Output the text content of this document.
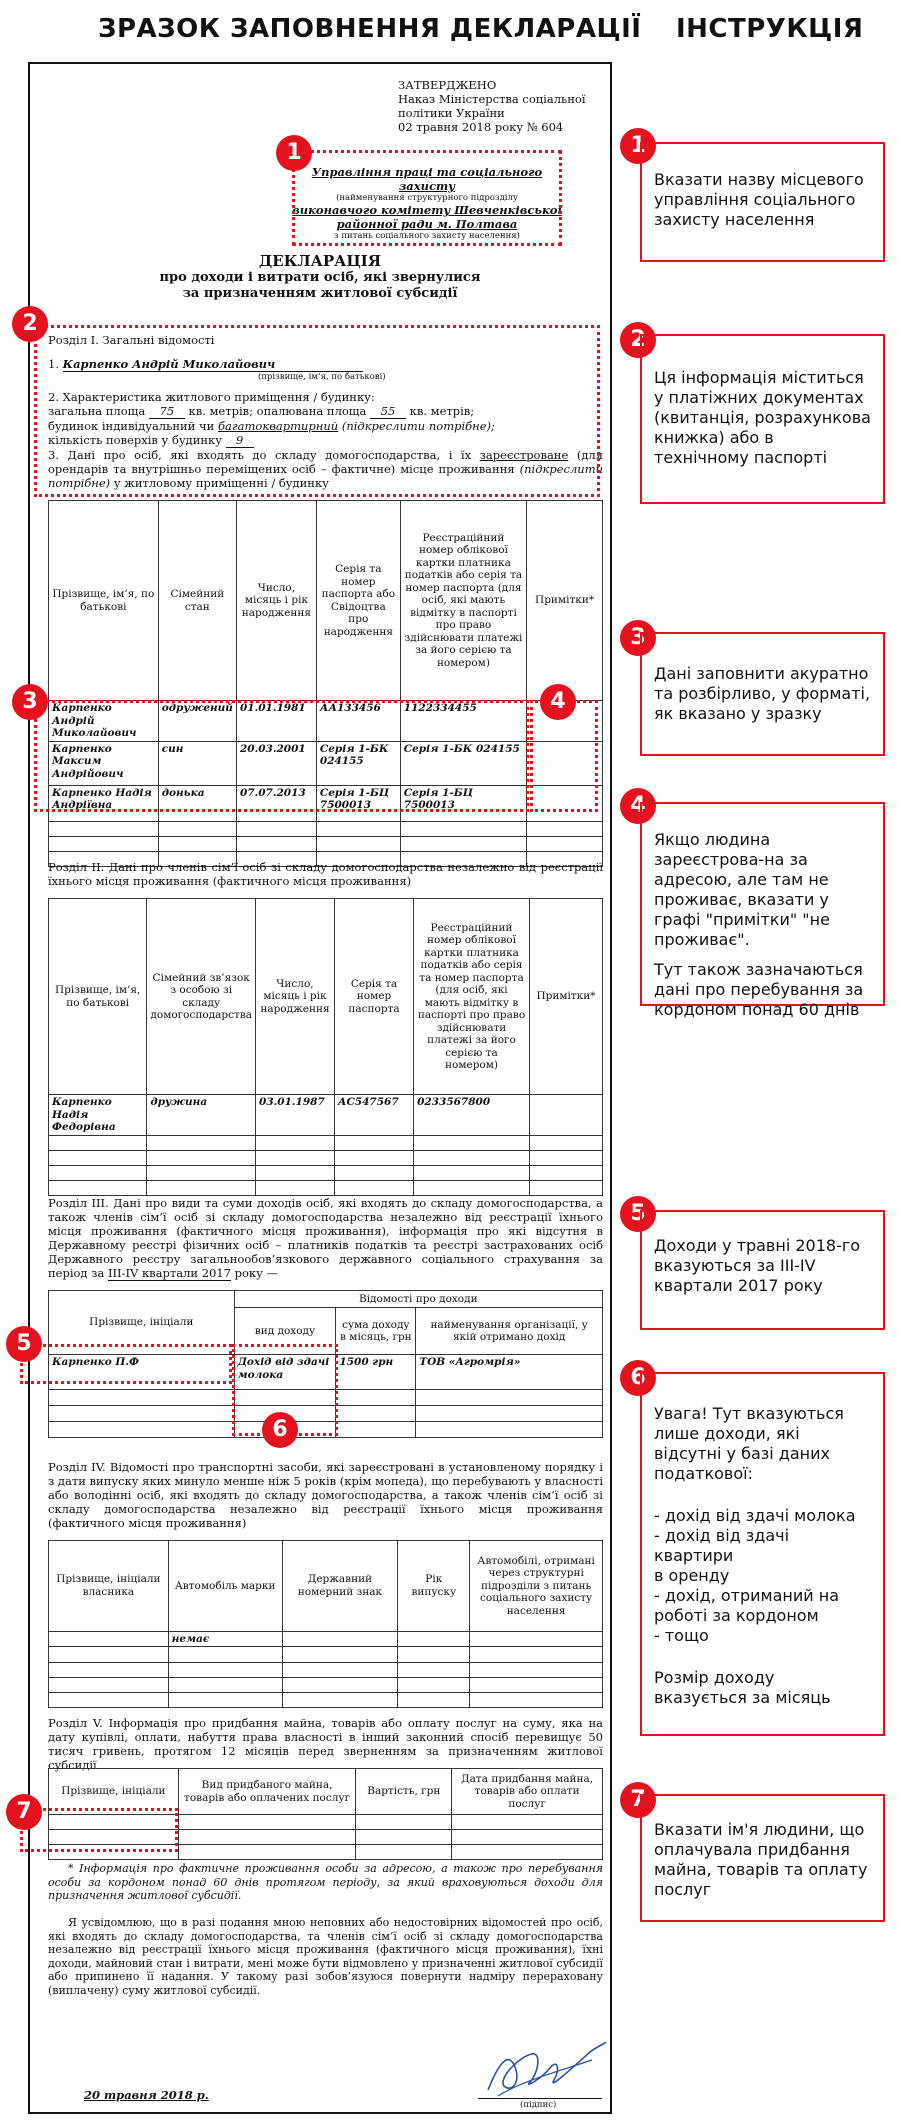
ЗРАЗОК ЗАПОВНЕННЯ ДЕКЛАРАЦІЇ ІНСТРУКЦІЯ
ЗАТВЕРДЖЕНО
Наказ Міністерства соціальної
політики України
02 травня 2018 року № 604
Управління праці та соціального захисту
(найменування структурного підрозділу
виконавчого комітету Шевченківської
районної ради м. Полтава
з питань соціального захисту населення)
ДЕКЛАРАЦІЯ
про доходи і витрати осіб, які звернулися
за призначенням житлової субсидії
Розділ І. Загальні відомості
1. Карпенко Андрій Миколайович
(прізвище, ім’я, по батькові)
2. Характеристика житлового приміщення / будинку:
загальна площа 75 кв. метрів; опалювана площа 55 кв. метрів;
будинок індивідуальний чи багатоквартирний (підкреслити потрібне);
кількість поверхів у будинку 9
3. Дані про осіб, які входять до складу домогосподарства, і їх зареєстроване (для орендарів та внутрішньо переміщених осіб – фактичне) місце проживання (підкреслити потрібне) у житловому приміщенні / будинку
Прізвище, ім’я, по батькові	Сімейний стан	Число, місяць і рік народження	Серія та номер паспорта або Свідоцтва про народження	Реєстраційний номер облікової картки платника податків або серія та номер паспорта (для осіб, які мають відмітку в паспорті про право здійснювати платежі за його серією та номером)	Примітки*
Карпенко Андрій Миколайович	одружений	01.01.1981	АА133456	1122334455	
Карпенко Максим Андрійович	син	20.03.2001	Серія 1-БК 024155	Серія 1-БК 024155	
Карпенко Надія Андріївна	донька	07.07.2013	Серія 1-БЦ 7500013	Серія 1-БЦ 7500013	

Розділ ІІ. Дані про членів сім’ї осіб зі складу домогосподарства незалежно від реєстрації їхнього місця проживання (фактичного місця проживання)
Прізвище, ім’я, по батькові	Сімейний зв’язок з особою зі складу домогосподарства	Число, місяць і рік народження	Серія та номер паспорта	Реєстраційний номер облікової картки платника податків або серія та номер паспорта (для осіб, які мають відмітку в паспорті про право здійснювати платежі за його серією та номером)	Примітки*
Карпенко Надія Федорівна	дружина	03.01.1987	АС547567	0233567800	

Розділ ІІІ. Дані про види та суми доходів осіб, які входять до складу домогосподарства, а також членів сім’ї осіб зі складу домогосподарства незалежно від реєстрації їхнього місця проживання (фактичного місця проживання), інформація про які відсутня в Державному реєстрі фізичних осіб – платників податків та реєстрі застрахованих осіб Державного реєстру загальнообов’язкового державного соціального страхування за період за ІІІ-ІV квартали 2017 року —
Прізвище, ініціали	Відомості про доходи		
	вид доходу	сума доходу в місяць, грн	найменування організації, у якій отримано дохід
Карпенко П.Ф	Дохід від здачі молока	1500 грн	ТОВ «Агромрія»

Розділ ІV. Відомості про транспортні засоби, які зареєстровані в установленому порядку і з дати випуску яких минуло менше ніж 5 років (крім мопеда), що перебувають у власності або володінні осіб, які входять до складу домогосподарства, а також членів сім’ї осіб зі складу домогосподарства незалежно від реєстрації їхнього місця проживання (фактичного місця проживання)
Прізвище, ініціали власника	Автомобіль марки	Державний номерний знак	Рік випуску	Автомобілі, отримані через структурні підрозділи з питань соціального захисту населення
	немає			

Розділ V. Інформація про придбання майна, товарів або оплату послуг на суму, яка на дату купівлі, оплати, набуття права власності в інший законний спосіб перевищує 50 тисяч гривень, протягом 12 місяців перед зверненням за призначенням житлової субсидії
Прізвище, ініціали	Вид придбаного майна, товарів або оплачених послуг	Вартість, грн	Дата придбання майна, товарів або оплати послуг

* Інформація про фактичне проживання особи за адресою, а також про перебування особи за кордоном понад 60 днів протягом періоду, за який враховуються доходи для призначення житлової субсидії.
Я усвідомлюю, що в разі подання мною неповних або недостовірних відомостей про осіб, які входять до складу домогосподарства, та членів сім’ї осіб зі складу домогосподарства незалежно від реєстрації їхнього місця проживання (фактичного місця проживання), їхні доходи, майновий стан і витрати, мені може бути відмовлено у призначенні житлової субсидії або припинено її надання. У такому разі зобов’язуюся повернути надміру перераховану (виплачену) суму житлової субсидії.
20 травня 2018 р.
(підпис)
1
2
3	4
5
6
7
1

Вказати назву місцевого управління соціального захисту населення

2

Ця інформація міститься у платіжних документах (квитанція, розрахункова книжка) або в технічному паспорті

3

Дані заповнити акуратно та розбірливо, у форматі, як вказано у зразку

4

Якщо людина зареєстрова-на за адресою, але там не проживає, вказати у графі "примітки" "не проживає".

Тут також зазначаються дані про перебування за кордоном понад 60 днів

5

Доходи у травні 2018-го вказуються за ІІІ-ІV квартали 2017 року

6

Увага! Тут вказуються лише доходи, які відсутні у базі даних податкової:

- дохід від здачі молока
- дохід від здачі квартири
в оренду
- дохід, отриманий на роботі за кордоном
- тощо

Розмір доходу вказується за місяць

7

Вказати ім'я людини, що оплачувала придбання майна, товарів та оплату послуг
